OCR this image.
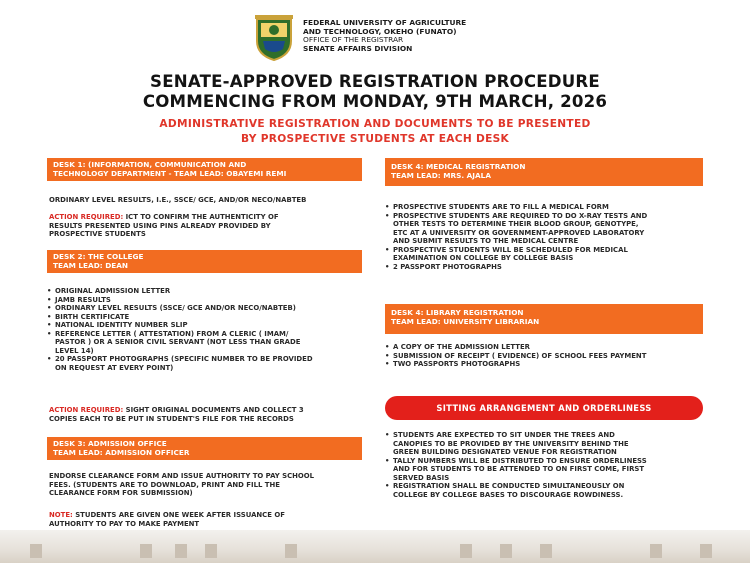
FEDERAL UNIVERSITY OF AGRICULTURE
AND TECHNOLOGY, OKEHO (FUNATO)
OFFICE OF THE REGISTRAR
SENATE AFFAIRS DIVISION
SENATE-APPROVED REGISTRATION PROCEDURE
COMMENCING FROM MONDAY, 9TH MARCH, 2026
ADMINISTRATIVE REGISTRATION AND DOCUMENTS TO BE PRESENTED
BY PROSPECTIVE STUDENTS AT EACH DESK
DESK 1: (INFORMATION, COMMUNICATION AND
TECHNOLOGY DEPARTMENT - TEAM LEAD: OBAYEMI REMI
ORDINARY LEVEL RESULTS, I.E., SSCE/ GCE, AND/OR NECO/NABTEB
ACTION REQUIRED: ICT TO CONFIRM THE AUTHENTICITY OF
RESULTS PRESENTED USING PINS ALREADY PROVIDED BY
PROSPECTIVE STUDENTS
DESK 2: THE COLLEGE
TEAM LEAD: DEAN
• ORIGINAL ADMISSION LETTER
• JAMB RESULTS
• ORDINARY LEVEL RESULTS (SSCE/ GCE AND/OR NECO/NABTEB)
• BIRTH CERTIFICATE
• NATIONAL IDENTITY NUMBER SLIP
• REFERENCE LETTER ( ATTESTATION) FROM A CLERIC ( IMAM/
PASTOR ) OR A SENIOR CIVIL SERVANT (NOT LESS THAN GRADE
LEVEL 14)
• 20 PASSPORT PHOTOGRAPHS (SPECIFIC NUMBER TO BE PROVIDED
ON REQUEST AT EVERY POINT)
ACTION REQUIRED: SIGHT ORIGINAL DOCUMENTS AND COLLECT 3
COPIES EACH TO BE PUT IN STUDENT'S FILE FOR THE RECORDS
DESK 3: ADMISSION OFFICE
TEAM LEAD: ADMISSION OFFICER
ENDORSE CLEARANCE FORM AND ISSUE AUTHORITY TO PAY SCHOOL
FEES. (STUDENTS ARE TO DOWNLOAD, PRINT AND FILL THE
CLEARANCE FORM FOR SUBMISSION)
NOTE: STUDENTS ARE GIVEN ONE WEEK AFTER ISSUANCE OF
AUTHORITY TO PAY TO MAKE PAYMENT
DESK 4: MEDICAL REGISTRATION
TEAM LEAD: MRS. AJALA
• PROSPECTIVE STUDENTS ARE TO FILL A MEDICAL FORM
• PROSPECTIVE STUDENTS ARE REQUIRED TO DO X-RAY TESTS AND
OTHER TESTS TO DETERMINE THEIR BLOOD GROUP, GENOTYPE,
ETC AT A UNIVERSITY OR GOVERNMENT-APPROVED LABORATORY
AND SUBMIT RESULTS TO THE MEDICAL CENTRE
• PROSPECTIVE STUDENTS WILL BE SCHEDULED FOR MEDICAL
EXAMINATION ON COLLEGE BY COLLEGE BASIS
• 2 PASSPORT PHOTOGRAPHS
DESK 4: LIBRARY REGISTRATION
TEAM LEAD: UNIVERSITY LIBRARIAN
• A COPY OF THE ADMISSION LETTER
• SUBMISSION OF RECEIPT ( EVIDENCE) OF SCHOOL FEES PAYMENT
• TWO PASSPORTS PHOTOGRAPHS
SITTING ARRANGEMENT AND ORDERLINESS
• STUDENTS ARE EXPECTED TO SIT UNDER THE TREES AND
CANOPIES TO BE PROVIDED BY THE UNIVERSITY BEHIND THE
GREEN BUILDING DESIGNATED VENUE FOR REGISTRATION
• TALLY NUMBERS WILL BE DISTRIBUTED TO ENSURE ORDERLINESS
AND FOR STUDENTS TO BE ATTENDED TO ON FIRST COME, FIRST
SERVED BASIS
• REGISTRATION SHALL BE CONDUCTED SIMULTANEOUSLY ON
COLLEGE BY COLLEGE BASES TO DISCOURAGE ROWDINESS.
